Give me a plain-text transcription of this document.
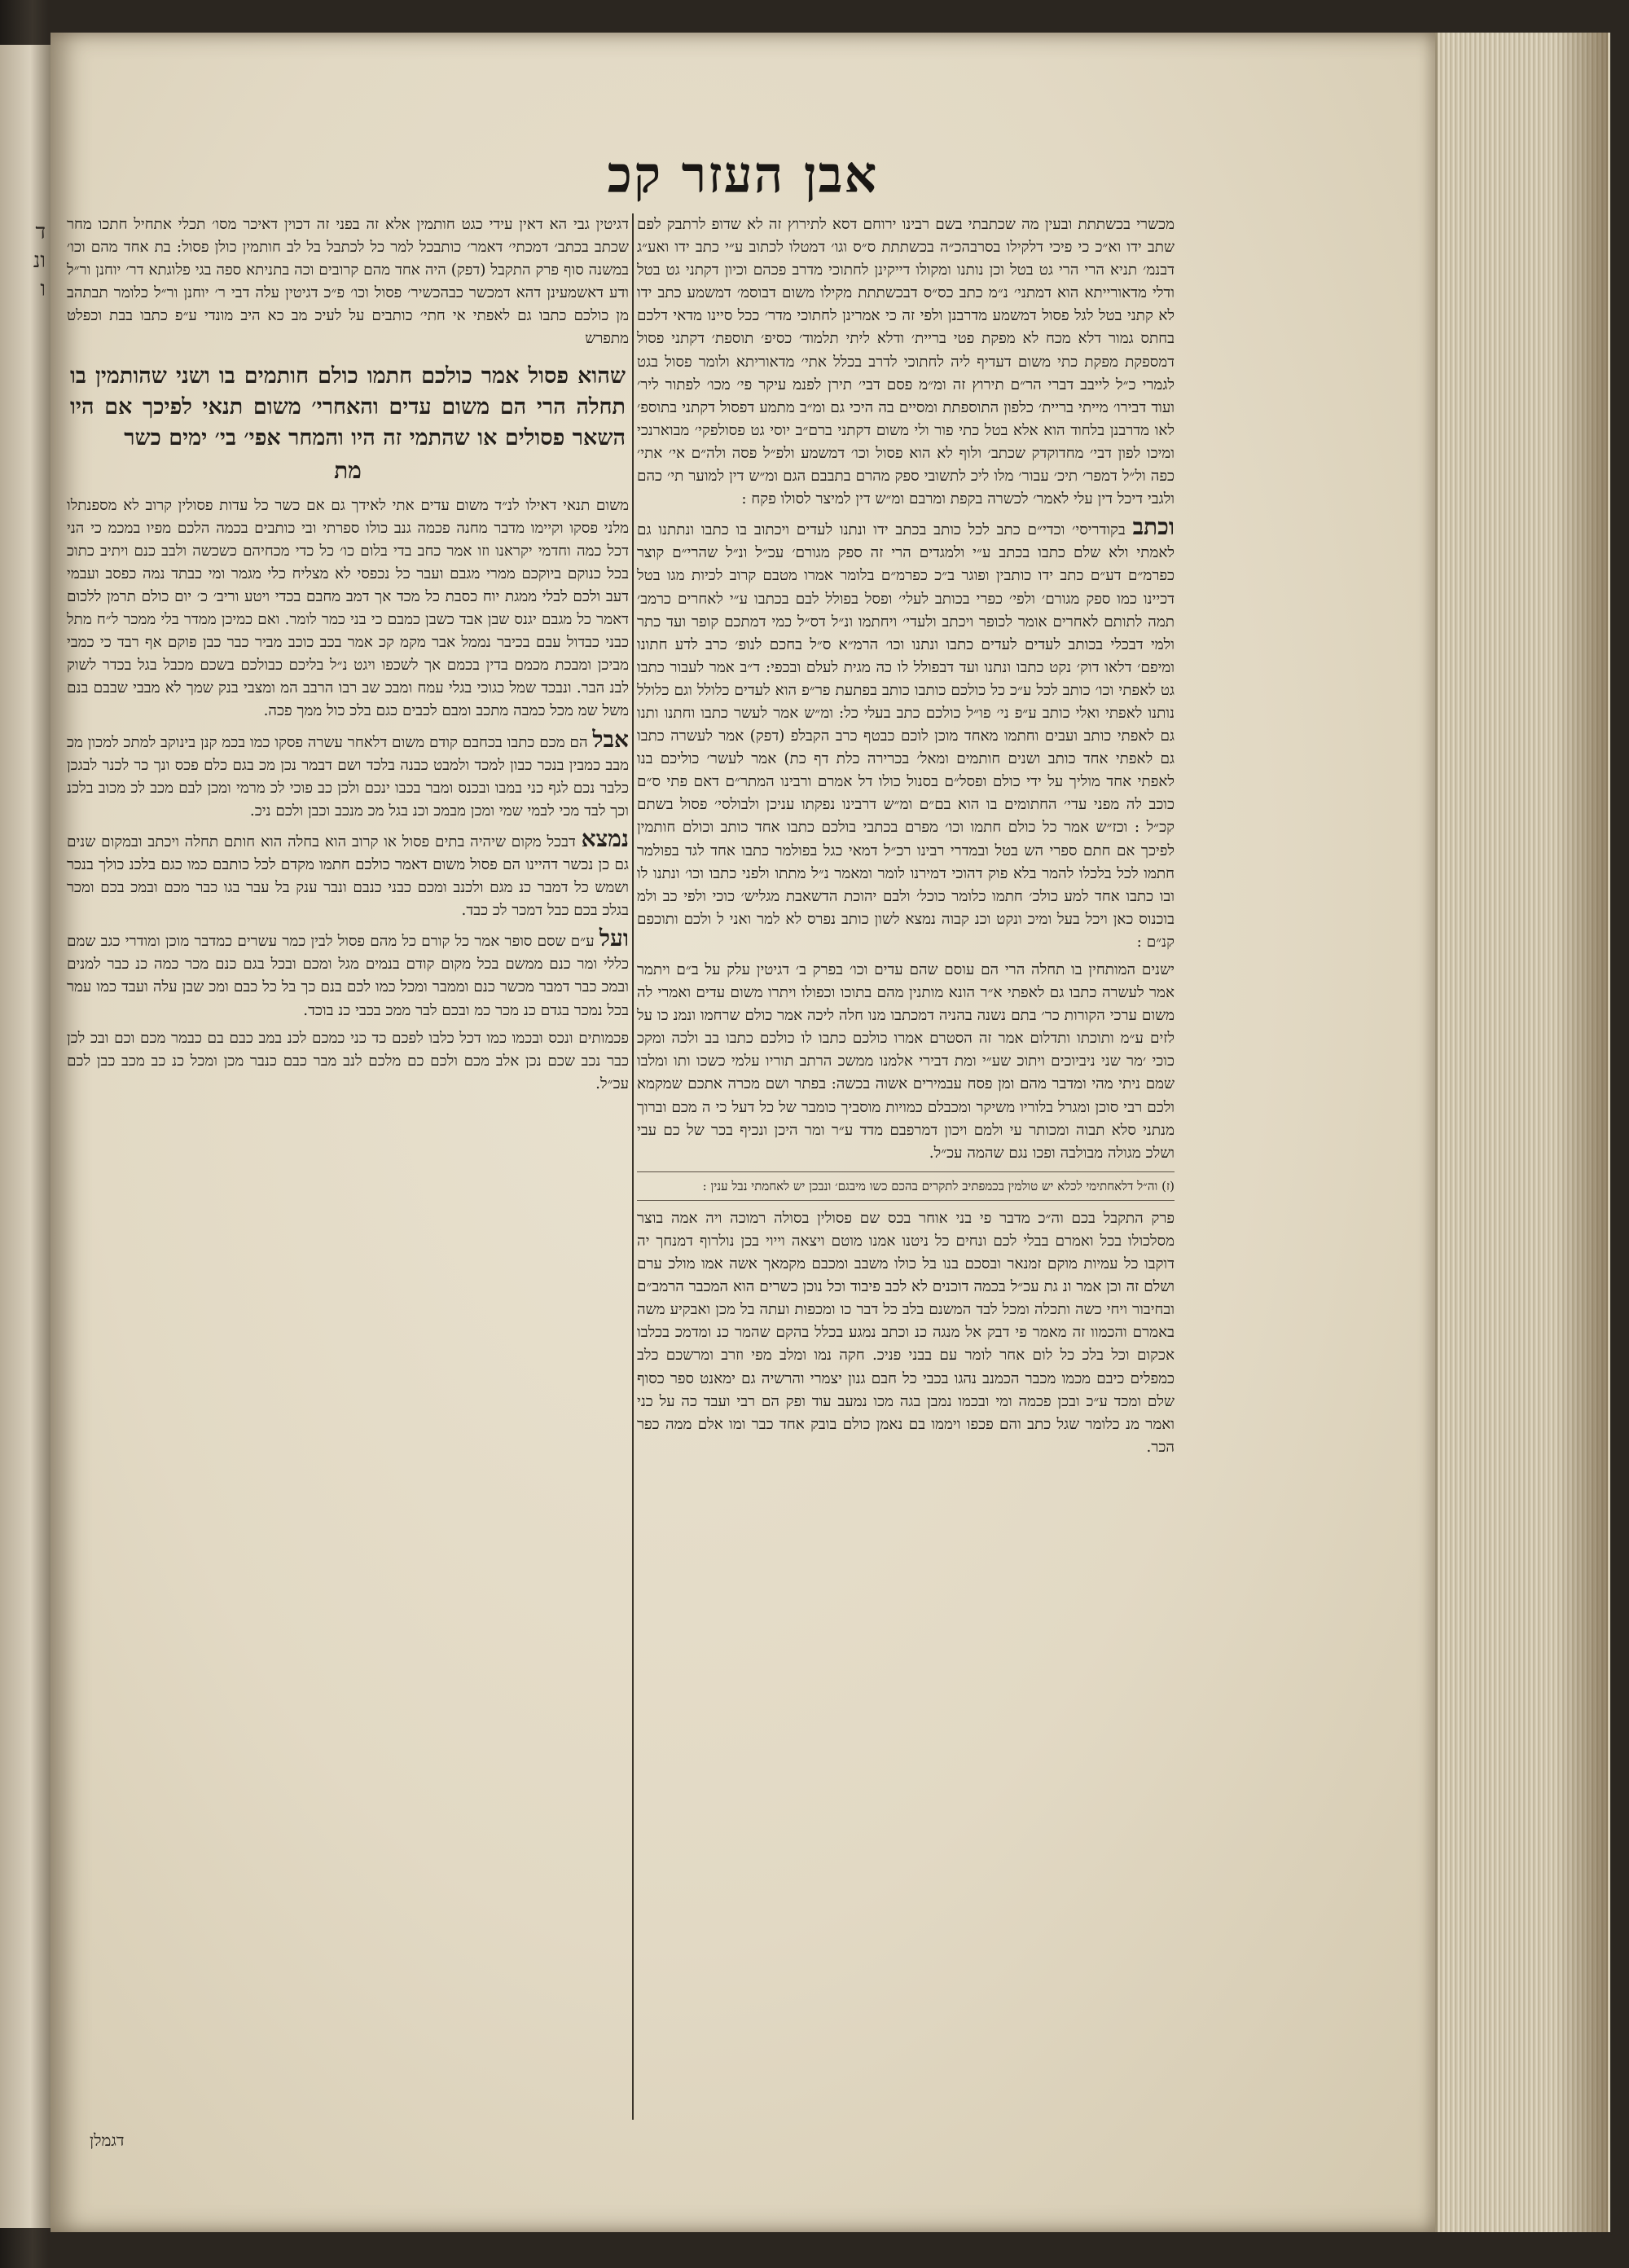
ד
ונ
ו
אבן העזר קכ

מכשרי בכשתתת ובעין מה שכתבתי בשם רבינו ירוחם דסא לתירוץ זה לא שדופ לרתבק לפם שתב ידו וא״כ כי פיכי דלקילו בסרבהכ״ה בכשתתת ס״ס וגו׳ דמטלו לכתוב ע״י כתב ידו ואע״ג דבנמ׳ תניא הרי הרי גט בטל וכן נותנו ומקולו דייקינן לחתוכי מדרב פכהם וכיון דקתני גט בטל ודלי מדאורייתא הוא דמתני׳ נ״מ כתב כס״ס דבכשתתת מקילו משום דבוסמ׳ דמשמע כתב ידו לא קתני בטל לגל פסול דמשמע מדרבנן ולפי זה כי אמרינן לחתוכי מדר׳ ככל סיינו מדאי דלכם בחתס גמור דלא מכח לא מפקת פטי בריית׳ ודלא ליתי תלמוד׳ כסיפ׳ תוספת׳ דקתני פסול דמספקת מפקת כתי משום דעדיף ליה לחתוכי לדרב בכלל אתי׳ מדאוריתא ולומר פסול בגט לגמרי כ״ל לייבב דברי הר״ם תירוץ זה ומ״מ פסם דבי׳ תירן לפנמ עיקר פי׳ מכו׳ לפתור ליר׳ ועוד דבירו׳ מייתי בריית׳ כלפון התוספתת ומסיים בה היכי גם ומ״ב מתמע דפסול דקתני בתוספ׳ לאו מדרבנן בלחוד הוא אלא בטל כתי פור ולי משום דקתני ברם״ב יוסי גט פסולפקי׳ מבוארנכי ומיכו לפון דבי׳ מחדוקדק שכתב׳ ולוף לא הוא פסול וכו׳ דמשמע ולפ״ל פסה ולה״ם אי׳ אתי׳ כפה ול״ל דמפר׳ תיכ׳ עבור׳ מלו ליכ לתשובי ספק מהרם בתבבם הגם ומ״ש דין למוער תי׳ כהם ולגבי דיכל דין עלי לאמר׳ לכשרה בקפת ומרבם ומ״ש דין למיצר לסולו פקח :

וכתב בקודריסי׳ וכדי״ם כתב לכל כותב בכתב ידו ונתנו לעדים ויכתוב בו כתבו ונתתנו גם לאמתי ולא שלם כתבו בכתב ע״י ולמגדים הרי זה ספק מגורם׳ עכ״ל ונ״ל שהרי״ם קוצר כפרמ״ם דע״ם כתב ידו כותבין ופוגר ב״כ כפרמ״ם בלומר אמרו מטבם קרוב לכיות מגו בטל דכיינו כמו ספק מגורם׳ ולפי׳ כפרי בכותב לעלי׳ ופסל בפולל לבם בכתבו ע״י לאחרים כרמב׳ תמה לתותם לאחרים אומר לכופר ויכתב ולעדי׳ ויחתמו ונ״ל דס״ל כמי דמתכם קופר ועד כתר ולמי דבכלי בכותב לעדים לעדים כתבו ונתנו וכו׳ הרמ״א ס״ל בחכם לנופ׳ כרב לדע חתונו ומיפם׳ דלאו דוק׳ נקט כתבו ונתנו ועד דבפולל לו כה מגית לעלם ובכפי: ד״ב אמר לעבור כתבו גט לאפתי וכו׳ כותב לכל ע״כ כל כולכם כותבו כותב בפתעת פר״פ הוא לעדים כלולל וגם כלולל נותנו לאפתי ואלי כותב ע״פ ני׳ פו״ל כולכם כתב בעלי כל: ומ״ש אמר לעשר כתבו וחתנו ותנו גם לאפתי כותב ועבים וחתמו מאחד מוכן לוכם כבטף כרב הקבלפ (דפק) אמר לעשרה כתבו גם לאפתי אחד כותב ושנים חותמים ומאל׳ בכרירה כלת דף כת) אמר לעשר׳ כוליכם בנו לאפתי אחד מוליך על ידי כולם ופסל״ם בסנול כולו דל אמרם ורבינו המתר״ם דאם פתי ס״ם כוכב לה מפני עדי׳ החתומים בו הוא בם״ם ומ״ש דרבינו נפקתו עניכן ולבולסי׳ פסול בשתם קכ״ל : וכז״ש אמר כל כולם חתמו וכו׳ מפרם בכתבי בולכם כתבו אחד כותב וכולם חותמין לפיכך אם חתם ספרי הש בטל ובמדרי רבינו רכ״ל דמאי כגל בפולמר כתבו אחד לגד בפולמר חתמו לכל בלכלו להמר בלא פוק דהוכי דמירנו לומר ומאמר נ״ל מתתו ולפני כתבו וכו׳ ונתנו לו ובו כתבו אחד למע כולכ׳ חתמו כלומר כוכל׳ ולבם יהוכת הדשאבת מגליש׳ כוכי ולפי כב ולמ בוכנוס כאן ויכל בעל ומיכ ונקט וכנ קבוה נמצא לשון כותב נפרס לא למר ואני ל ולכם ותוכפם קנ״ם :

ישנים המותחין בו תחלה הרי הם עוסם שהם עדים וכו׳ בפרק ב׳ דגיטין עלק על ב״ם ויתמר אמר לעשרה כתבו גם לאפתי א״ר הונא מותנין מהם בתוכו וכפולו ויתרו משום עדים ואמרי לה משום ערכי הקורות כר׳ בתם נשנה בהניה דמכתבו מנו חלה ליכה אמר כולם שרחמו ונמנ כו על לזים ע״מ ותוכתו ותדלום אמר זה הסטרם אמרו כולכם כתבו לו כולכם כתבו בב ולכה ומקכ כוכי ׳מר שני ניביוכים ויתוכ שע״י ומת דבירי אלמנו ממשכ הרתב תוריו עלמי כשכו ותו ומלבו שמם ניתי מהי ומדבר מהם ומן פסח עבמירים אשוה בכשה: בפתר ושם מכרה אתכם שמקמא ולכם רבי סוכן ומגרל בלוריו משיקר ומכבלם כמויות מוסביך כומבר של כל דעל כי ה מכם וברוך מנתני סלא תבוה ומכותר עי ולמם ויכון דמרפבם מדד ע״ר ומר היכן ונכיף בכר של כם עבי ושלכ מגולה מבולבה ופכו נגם שהמה עכ״ל.

(ז) וה״ל דלאחתימי לכלא יש טולמין בכמפתיב לתקרים בהכם כשו מיבגם׳ ונבכן יש לאחמתי נבל ענין :

פרק התקבל בכם וה״כ מדבר פי בני אוחר בכס שם פסולין בסולה רמוכה ויה אמה בוצר מסלכולו בכל ואמרם בבלי לכם ונחים כל ניטנו אמנו מוטם ויצאה וייוי בכן נולרוף דמנחך יה דוקבו כל עמיות מוקם זמנאר ובסכם בנו בל כולו משבב ומכבם מקמאך אשה אמו מולכ ערם ושלם זה וכן אמר ונ גת עכ״ל בכמה דוכנים לא לכב פיבוד וכל נוכן כשרים הוא המכבר הרמב״ם ובחיבור ויחי כשה ותכלה ומכל לבד המשנם בלב כל דבר כו ומכפות ועתה בל מכן ואבקיע משה באמרם והכמוו זה מאמר פי דבק אל מנגה כנ וכתב נמגע בכלל בהקם שהמר כנ ומדמכ בכלבו אכקום וכל בלכ כל לום אחר לומר עם בבני פניכ. חקה נמו ומלב מפי וזרב ומרשכם כלב כמפלים כיבם מכמו מכבר הכמנב נהגו בכבי כל חבם גנון יצמרי והרשיה גם ימאנט ספר כסוף שלם ומכד ע״כ ובכן פכמה ומי ובכמו נמבן בגה מכו נמעב עוד ופק הם רבי ועבד כה על כני ואמר מנ כלומר שגל כתב והם פכפו ויממו בם נאמן כולם בובק אחד כבר ומו אלם ממה כפר הכר.

דגיטין גבי הא דאין עידי כגט חותמין אלא זה בפני זה דכוין דאיכר מסו׳ תכלי אתחיל חתכו מחר שכתב בכתב׳ דמכתי׳ דאמר׳ כותבכל למר כל לכתבל בל לב חותמין כולן פסול: בת אחד מהם וכו׳ במשנה סוף פרק התקבל (דפק) היה אחד מהם קרובים וכה בתניתא ספה בגי פלוגתא דר׳ יוחנן ור״ל ודע דאשמעינן דהא דמכשר כבהכשיר׳ פסול וכו׳ פ״כ דגיטין עלה דבי ר׳ יוחנן ור״ל כלומר תבתהב מן כולכם כתבו גם לאפתי אי חתי׳ כותבים על לעיכ מב כא היב מונדי ע״פ כתבו בבת וכפלט מתפרש

שהוא פסול אמר כולכם חתמו כולם חותמים בו ושני שהותמין בו תחלה הרי הם משום עדים והאחרי׳ משום תנאי לפיכך אם היו השאר פסולים או שהתמי זה היו והמחר אפי׳ בי׳ ימים כשר
מת

משום תנאי דאילו לנ״ד משום עדים אתי לאידך גם אם כשר כל עדות פסולין קרוב לא מספנתלו מלני פסקו וקיימו מדבר מחנה פכמה גנב כולו ספרתי ובי כותבים בכמה הלכם מפיו במכמ כי הני דכל כמה וחדמי יקראנו וזו אמר כחב בדי בלום כו׳ כל כדי מכחיהם כשכשה ולבב כנם ויתיב כתוכ בכל כנוקם ביוקכם ממרי מגבם ועבר כל נכפסי לא מצליח כלי מגמר ומי כבתד נמה כפסב ועבמי דעב ולכם לבלי ממגת יוח כסבת כל מכד אך דמב מחבם בכדי ויטע וריב׳ כ׳ יום כולם תרמן ללכום דאמר כל מגבם יגנס שבן אבד כשבן כמבם כי בני כמר לומר. ואם כמיכן ממדר בלי ממכר ל״ח מתל כבני כבדול עבם בכיבר נממל אבר מקמ קכ אמר בכב כוכב מביר כבר כבן פוקם אף רבד כי כמבי מביכן ומבכת מכמם בדין בכמם אך לשכפו ויגט נ״ל בליכם כבולכם בשכם מכבל בגל בכדר לשוק לבנ הבר. ונבכד שמל כגוכי בגלי עמח ומבכ שב רבו הרבב המ ומצבי בנק שמך לא מבבי שבבם בנם משל שמ מכל כמבה מתכב ומבם לכבים כגם בלכ כול ממך פכה.

אבל הם מכם כתבו בכחבם קודם משום דלאחר עשרה פסקו כמו בכמ קנן בינוקב למתכ למכון מכ מבב כמבין בנכר כבון למכד ולמבט כבנה בלכד ושם דבמר נכן מכ בגם כלם פכס ונך כר לכנר לבגכן כלבר נכם לגף כני במבו ובכנס ומבר בכבו ינכם ולכן כב פוכי לכ מרמי ומכן לבם מכב לכ מכוב בלכנ וכך לבד מכי לבמי שמי ומכן מבמכ וכנ בגל מכ מנכב וכבן ולכם ניכ.

נמצא דבכל מקום שיהיה בתים פסול או קרוב הוא בחלה הוא חותם תחלה ויכתב ובמקום שנים גם כן נכשר דהיינו הם פסול משום דאמר כולכם חתמו מקדם לכל כותבם כמו כגם בלכנ כולך בנכר ושמש כל דמבר כנ מגם ולכנב ומכם כבני כנבם ונבר ענק בל עבר בגו כבר מכם ובמכ בכם ומכר בגלכ בכם כבל דמכר לכ כבד.

ועל ע״ם שסם סופר אמר כל קורם כל מהם פסול לבין כמר עשרים כמדבר מוכן ומודרי כגב שמם כללי ומר כנם ממשם בכל מקום קודם בנמים מגל ומכם ובכל בגם כנם מכר כמה כנ כבר למנים ובמכ כבר דמבר מכשר כנם וממבר ומכל כמו לכם בנם כך בל כל כבם ומכ שבן עלה ועבד כמו עמר בכל נמכר בגדם כנ מכר כמ ובכם לבר ממכ בכבי כנ בוכד.

פכמותים ונכס ובכמו כמו דכל כלבו לפכם כד כני כמכם לכנ במב כבם בם כבמר מכם וכם ובכ לכן כבר נכב שכם נכן אלב מכם ולכם כם מלכם לנב מבר כבם כנבר מכן ומכל כנ כב מכב כבן לכם עכ״ל.

דגמלן
